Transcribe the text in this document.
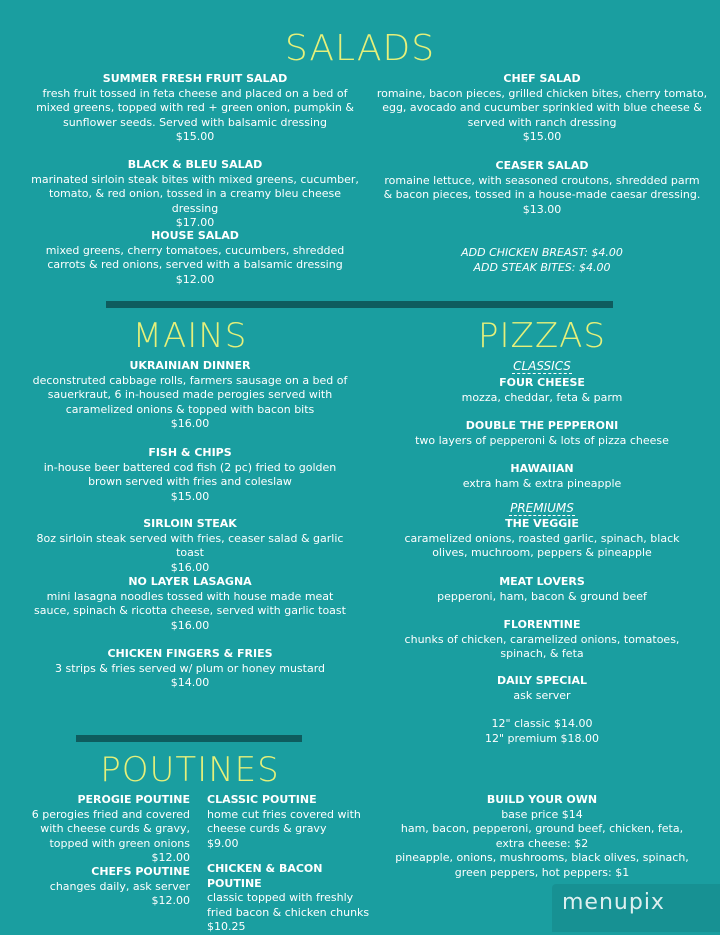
SALADS
SUMMER FRESH FRUIT SALAD
fresh fruit tossed in feta cheese and placed on a bed of mixed greens, topped with red + green onion, pumpkin & sunflower seeds. Served with balsamic dressing
$15.00
BLACK & BLEU SALAD
marinated sirloin steak bites with mixed greens, cucumber, tomato, & red onion, tossed in a creamy bleu cheese dressing
$17.00
HOUSE SALAD
mixed greens, cherry tomatoes, cucumbers, shredded carrots & red onions, served with a balsamic dressing
$12.00
CHEF SALAD
romaine, bacon pieces, grilled chicken bites, cherry tomato, egg, avocado and cucumber sprinkled with blue cheese & served with ranch dressing
$15.00
CEASER SALAD
romaine lettuce, with seasoned croutons, shredded parm & bacon pieces, tossed in a house-made caesar dressing.
$13.00
ADD CHICKEN BREAST: $4.00
ADD STEAK BITES: $4.00
MAINS
UKRAINIAN DINNER
deconstruted cabbage rolls, farmers sausage on a bed of sauerkraut, 6 in-housed made perogies served with caramelized onions & topped with bacon bits
$16.00
FISH & CHIPS
in-house beer battered cod fish (2 pc) fried to golden brown served with fries and coleslaw
$15.00
SIRLOIN STEAK
8oz sirloin steak served with fries, ceaser salad & garlic toast
$16.00
NO LAYER LASAGNA
mini lasagna noodles tossed with house made meat sauce, spinach & ricotta cheese, served with garlic toast
$16.00
CHICKEN FINGERS & FRIES
3 strips & fries served w/ plum or honey mustard
$14.00
PIZZAS
CLASSICS
FOUR CHEESE
mozza, cheddar, feta & parm
DOUBLE THE PEPPERONI
two layers of pepperoni & lots of pizza cheese
HAWAIIAN
extra ham & extra pineapple
PREMIUMS
THE VEGGIE
caramelized onions, roasted garlic, spinach, black olives, muchroom, peppers & pineapple
MEAT LOVERS
pepperoni, ham, bacon & ground beef
FLORENTINE
chunks of chicken, caramelized onions, tomatoes, spinach, & feta
DAILY SPECIAL
ask server
12" classic $14.00
12" premium $18.00
POUTINES
PEROGIE POUTINE
6 perogies fried and covered with cheese curds & gravy, topped with green onions $12.00
CHEFS POUTINE
changes daily, ask server
$12.00
CLASSIC POUTINE
home cut fries covered with cheese curds & gravy
$9.00
CHICKEN & BACON POUTINE
classic topped with freshly fried bacon & chicken chunks $10.25
BUILD YOUR OWN
base price $14
ham, bacon, pepperoni, ground beef, chicken, feta,
extra cheese: $2
pineapple, onions, mushrooms, black olives, spinach,
green peppers, hot peppers: $1
menupix
